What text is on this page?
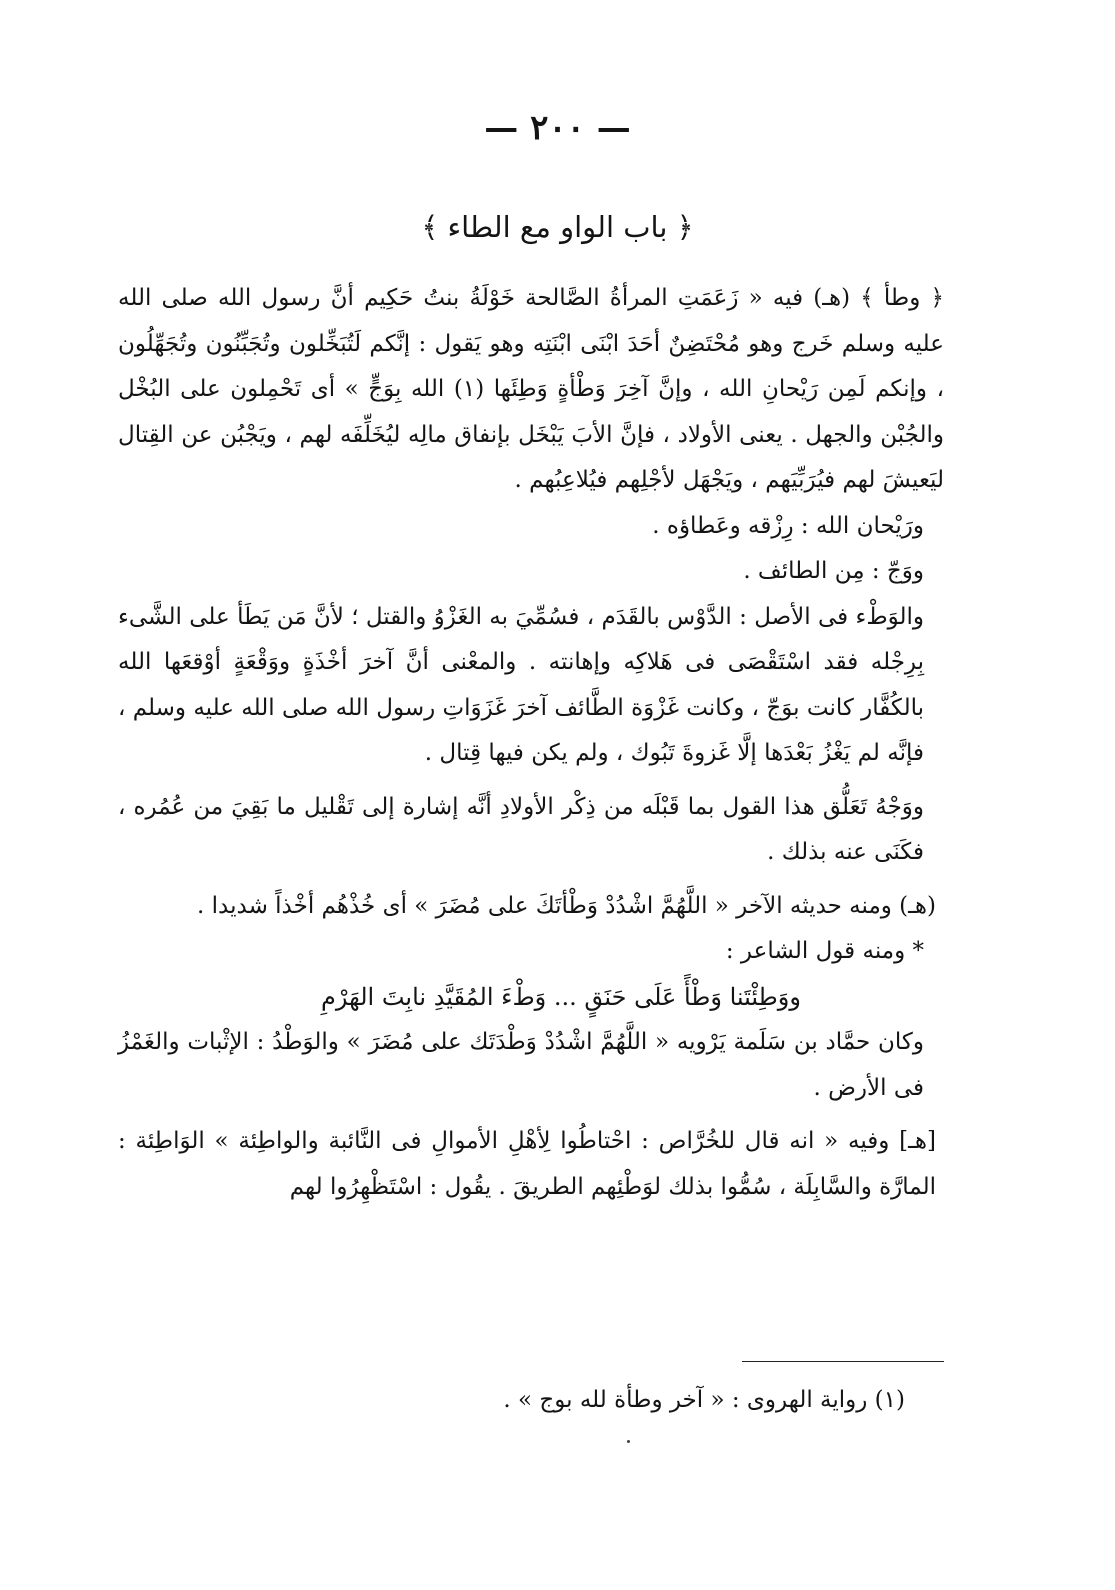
— ٢٠٠ —
﴿ باب الواو مع الطاء ﴾

﴿ وطأ ﴾ (هـ) فيه « زَعَمَتِ المرأةُ الصَّالحة خَوْلَةُ بنتُ حَكِيم أنَّ رسول الله صلى الله عليه وسلم خَرج وهو مُحْتَضِنٌ أحَدَ ابْنَى ابْنَتِه وهو يَقول : إنَّكم لَتُبَخِّلون وتُجَبِّنُون وتُجَهِّلُون ، وإنكم لَمِن رَيْحانِ الله ، وإنَّ آخِرَ وَطْأةٍ وَطِئَها (١) الله بِوَجٍّ » أى تَحْمِلون على البُخْل والجُبْن والجهل . يعنى الأولاد ، فإنَّ الأبَ يَبْخَل بإنفاق مالِه ليُخَلِّفَه لهم ، ويَجْبُن عن القِتال ليَعيشَ لهم فيُرَبِّيَهم ، ويَجْهَل لأجْلِهم فيُلاعِبُهم .

ورَيْحان الله : رِزْقه وعَطاؤه .

ووَجّ : مِن الطائف .

والوَطْء فى الأصل : الدَّوْس بالقَدَم ، فسُمِّيَ به الغَزْوُ والقتل ؛ لأنَّ مَن يَطَأ على الشَّىء بِرِجْله فقد اسْتَقْصَى فى هَلاكِه وإهانته . والمعْنى أنَّ آخرَ أخْذَةٍ ووَقْعَةٍ أوْقعَها الله بالكُفَّار كانت بوَجّ ، وكانت غَزْوَة الطَّائف آخرَ غَزَوَاتِ رسول الله صلى الله عليه وسلم ، فإنَّه لم يَغْزُ بَعْدَها إلَّا غَزوةَ تَبُوك ، ولم يكن فيها قِتال .

ووَجْهُ تَعَلُّق هذا القول بما قَبْلَه من ذِكْر الأولادِ أنَّه إشارة إلى تَقْليل ما بَقِيَ من عُمُره ، فكَنَى عنه بذلك .

(هـ) ومنه حديثه الآخر « اللَّهُمَّ اشْدُدْ وَطْأتَكَ على مُضَرَ » أى خُذْهُم أخْذاً شديدا .

* ومنه قول الشاعر :

ووَطِئْتَنا وَطْأً عَلَى حَنَقٍ ... وَطْءَ المُقَيَّدِ نابِتَ الهَرْمِ

وكان حمَّاد بن سَلَمة يَرْويه « اللَّهُمَّ اشْدُدْ وَطْدَتَك على مُضَرَ » والوَطْدُ : الإثْبات والغَمْزُ فى الأرض .

[هـ] وفيه « انه قال للخُرَّاص : احْتاطُوا لِأهْلِ الأموالِ فى النَّائبة والواطِئة » الوَاطِئة : المارَّة والسَّابِلَة ، سُمُّوا بذلك لوَطْئِهم الطريقَ . يقُول : اسْتَظْهِرُوا لهم

(١) رواية الهروى : « آخر وطأة لله بوج » .
